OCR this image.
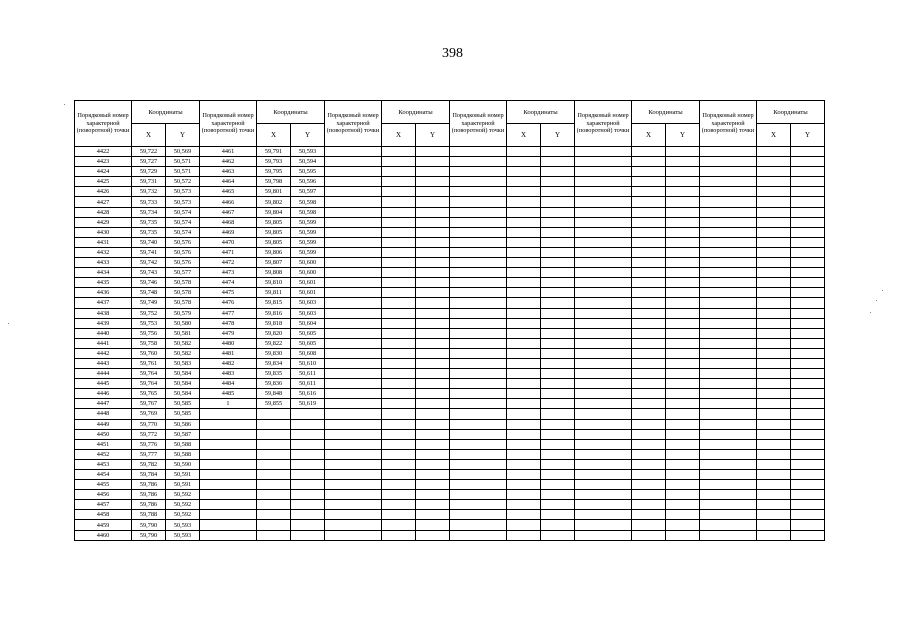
398
Порядковый номер характерной (поворотной) точки	Координаты		Порядковый номер характерной (поворотной) точки	Координаты		Порядковый номер характерной (поворотной) точки	Координаты		Порядковый номер характерной (поворотной) точки	Координаты		Порядковый номер характерной (поворотной) точки	Координаты		Порядковый номер характерной (поворотной) точки	Координаты	
	X	Y		X	Y		X	Y		X	Y		X	Y		X	Y
4422	59,722	50,569	4461	59,791	50,593												
4423	59,727	50,571	4462	59,793	50,594												
4424	59,729	50,571	4463	59,795	50,595												
4425	59,731	50,572	4464	59,798	50,596												
4426	59,732	50,573	4465	59,801	50,597												
4427	59,733	50,573	4466	59,802	50,598												
4428	59,734	50,574	4467	59,804	50,598												
4429	59,735	50,574	4468	59,805	50,599												
4430	59,735	50,574	4469	59,805	50,599												
4431	59,740	50,576	4470	59,805	50,599												
4432	59,741	50,576	4471	59,806	50,599												
4433	59,742	50,576	4472	59,807	50,600												
4434	59,743	50,577	4473	59,808	50,600												
4435	59,746	50,578	4474	59,810	50,601												
4436	59,748	50,578	4475	59,811	50,601												
4437	59,749	50,578	4476	59,815	50,603												
4438	59,752	50,579	4477	59,816	50,603												
4439	59,753	50,580	4478	59,818	50,604												
4440	59,756	50,581	4479	59,820	50,605												
4441	59,758	50,582	4480	59,822	50,605												
4442	59,760	50,582	4481	59,830	50,608												
4443	59,761	50,583	4482	59,834	50,610												
4444	59,764	50,584	4483	59,835	50,611												
4445	59,764	50,584	4484	59,836	50,611												
4446	59,765	50,584	4485	59,848	50,616												
4447	59,767	50,585	1	59,855	50,619												
4448	59,769	50,585															
4449	59,770	50,586															
4450	59,772	50,587															
4451	59,776	50,588															
4452	59,777	50,588															
4453	59,782	50,590															
4454	59,784	50,591															
4455	59,786	50,591															
4456	59,786	50,592															
4457	59,786	50,592															
4458	59,788	50,592															
4459	59,790	50,593															
4460	59,790	50,593															
